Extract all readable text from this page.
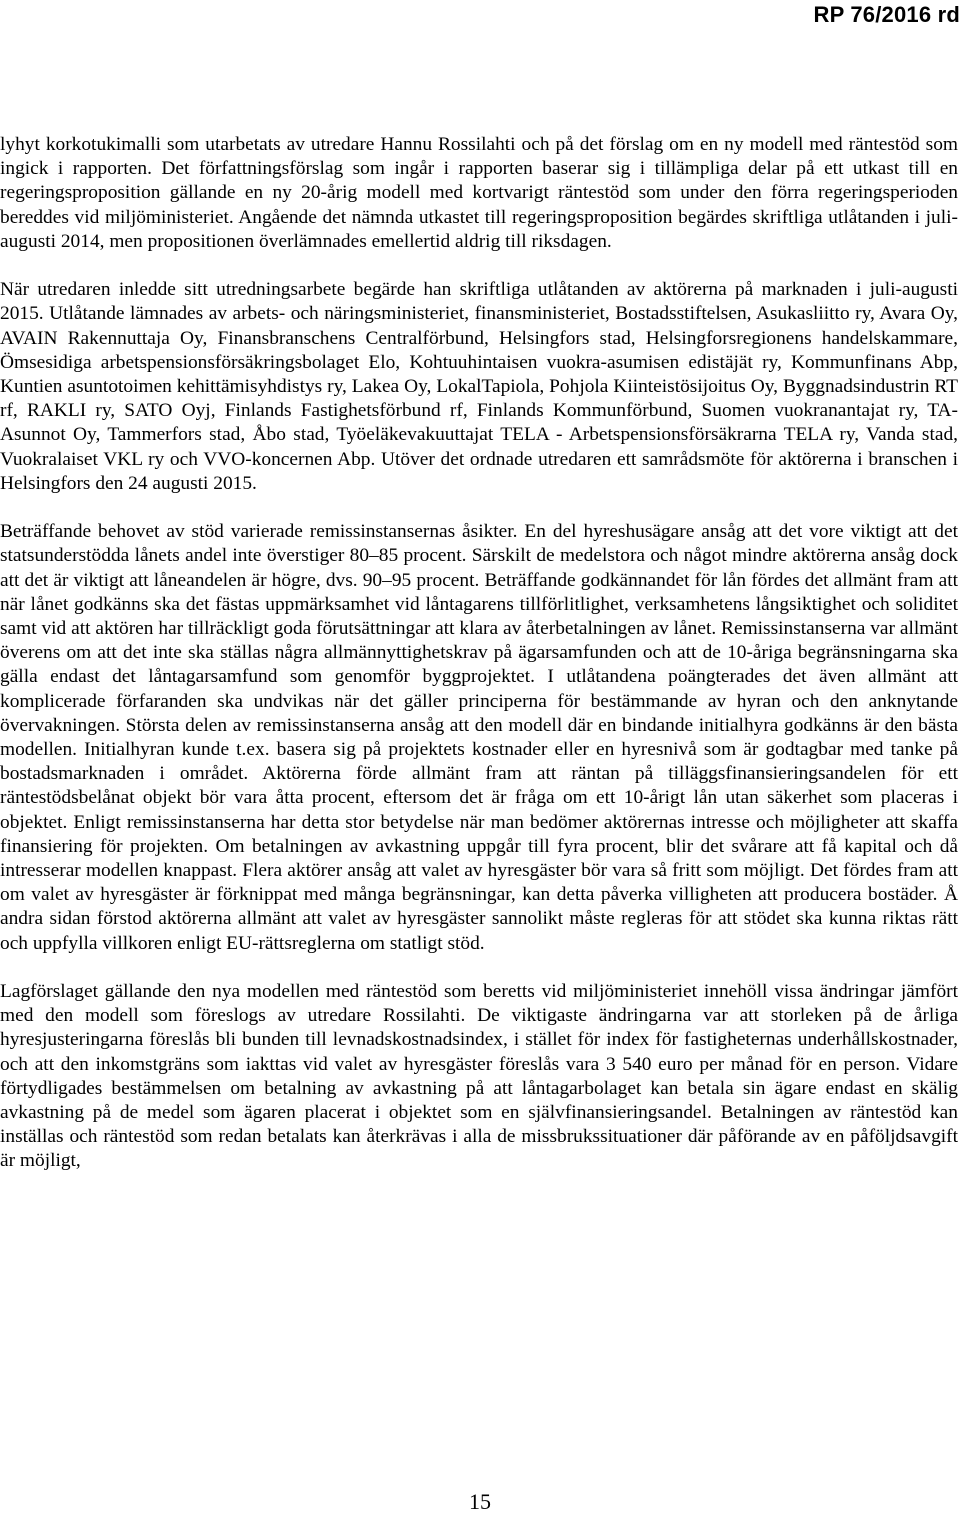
RP 76/2016 rd

lyhyt korkotukimalli som utarbetats av utredare Hannu Rossilahti och på det förslag om en ny modell med räntestöd som ingick i rapporten. Det författningsförslag som ingår i rapporten baserar sig i tillämpliga delar på ett utkast till en regeringsproposition gällande en ny 20-årig modell med kortvarigt räntestöd som under den förra regeringsperioden bereddes vid miljöministeriet. Angående det nämnda utkastet till regeringsproposition begärdes skriftliga utlåtanden i juli-augusti 2014, men propositionen överlämnades emellertid aldrig till riksdagen.

När utredaren inledde sitt utredningsarbete begärde han skriftliga utlåtanden av aktörerna på marknaden i juli-augusti 2015. Utlåtande lämnades av arbets- och näringsministeriet, finansministeriet, Bostadsstiftelsen, Asukasliitto ry, Avara Oy, AVAIN Rakennuttaja Oy, Finansbranschens Centralförbund, Helsingfors stad, Helsingforsregionens handelskammare, Ömsesidiga arbetspensionsförsäkringsbolaget Elo, Kohtuuhintaisen vuokra-asumisen edistäjät ry, Kommunfinans Abp, Kuntien asuntotoimen kehittämisyhdistys ry, Lakea Oy, LokalTapiola, Pohjola Kiinteistösijoitus Oy, Byggnadsindustrin RT rf, RAKLI ry, SATO Oyj, Finlands Fastighetsförbund rf, Finlands Kommunförbund, Suomen vuokranantajat ry, TA-Asunnot Oy, Tammerfors stad, Åbo stad, Työeläkevakuuttajat TELA - Arbetspensionsförsäkrarna TELA ry, Vanda stad, Vuokralaiset VKL ry och VVO-koncernen Abp. Utöver det ordnade utredaren ett samrådsmöte för aktörerna i branschen i Helsingfors den 24 augusti 2015.

Beträffande behovet av stöd varierade remissinstansernas åsikter. En del hyreshusägare ansåg att det vore viktigt att det statsunderstödda lånets andel inte överstiger 80–85 procent. Särskilt de medelstora och något mindre aktörerna ansåg dock att det är viktigt att låneandelen är högre, dvs. 90–95 procent. Beträffande godkännandet för lån fördes det allmänt fram att när lånet godkänns ska det fästas uppmärksamhet vid låntagarens tillförlitlighet, verksamhetens långsiktighet och soliditet samt vid att aktören har tillräckligt goda förutsättningar att klara av återbetalningen av lånet. Remissinstanserna var allmänt överens om att det inte ska ställas några allmännyttighetskrav på ägarsamfunden och att de 10-åriga begränsningarna ska gälla endast det låntagarsamfund som genomför byggprojektet. I utlåtandena poängterades det även allmänt att komplicerade förfaranden ska undvikas när det gäller principerna för bestämmande av hyran och den anknytande övervakningen. Största delen av remissinstanserna ansåg att den modell där en bindande initialhyra godkänns är den bästa modellen. Initialhyran kunde t.ex. basera sig på projektets kostnader eller en hyresnivå som är godtagbar med tanke på bostadsmarknaden i området. Aktörerna förde allmänt fram att räntan på tilläggsfinansieringsandelen för ett räntestödsbelånat objekt bör vara åtta procent, eftersom det är fråga om ett 10-årigt lån utan säkerhet som placeras i objektet. Enligt remissinstanserna har detta stor betydelse när man bedömer aktörernas intresse och möjligheter att skaffa finansiering för projekten. Om betalningen av avkastning uppgår till fyra procent, blir det svårare att få kapital och då intresserar modellen knappast. Flera aktörer ansåg att valet av hyresgäster bör vara så fritt som möjligt. Det fördes fram att om valet av hyresgäster är förknippat med många begränsningar, kan detta påverka villigheten att producera bostäder. Å andra sidan förstod aktörerna allmänt att valet av hyresgäster sannolikt måste regleras för att stödet ska kunna riktas rätt och uppfylla villkoren enligt EU-rättsreglerna om statligt stöd.

Lagförslaget gällande den nya modellen med räntestöd som beretts vid miljöministeriet innehöll vissa ändringar jämfört med den modell som föreslogs av utredare Rossilahti. De viktigaste ändringarna var att storleken på de årliga hyresjusteringarna föreslås bli bunden till levnadskostnadsindex, i stället för index för fastigheternas underhållskostnader, och att den inkomstgräns som iakttas vid valet av hyresgäster föreslås vara 3 540 euro per månad för en person. Vidare förtydligades bestämmelsen om betalning av avkastning på att låntagarbolaget kan betala sin ägare endast en skälig avkastning på de medel som ägaren placerat i objektet som en självfinansieringsandel. Betalningen av räntestöd kan inställas och räntestöd som redan betalats kan återkrävas i alla de missbrukssituationer där påförande av en påföljdsavgift är möjligt,

15
